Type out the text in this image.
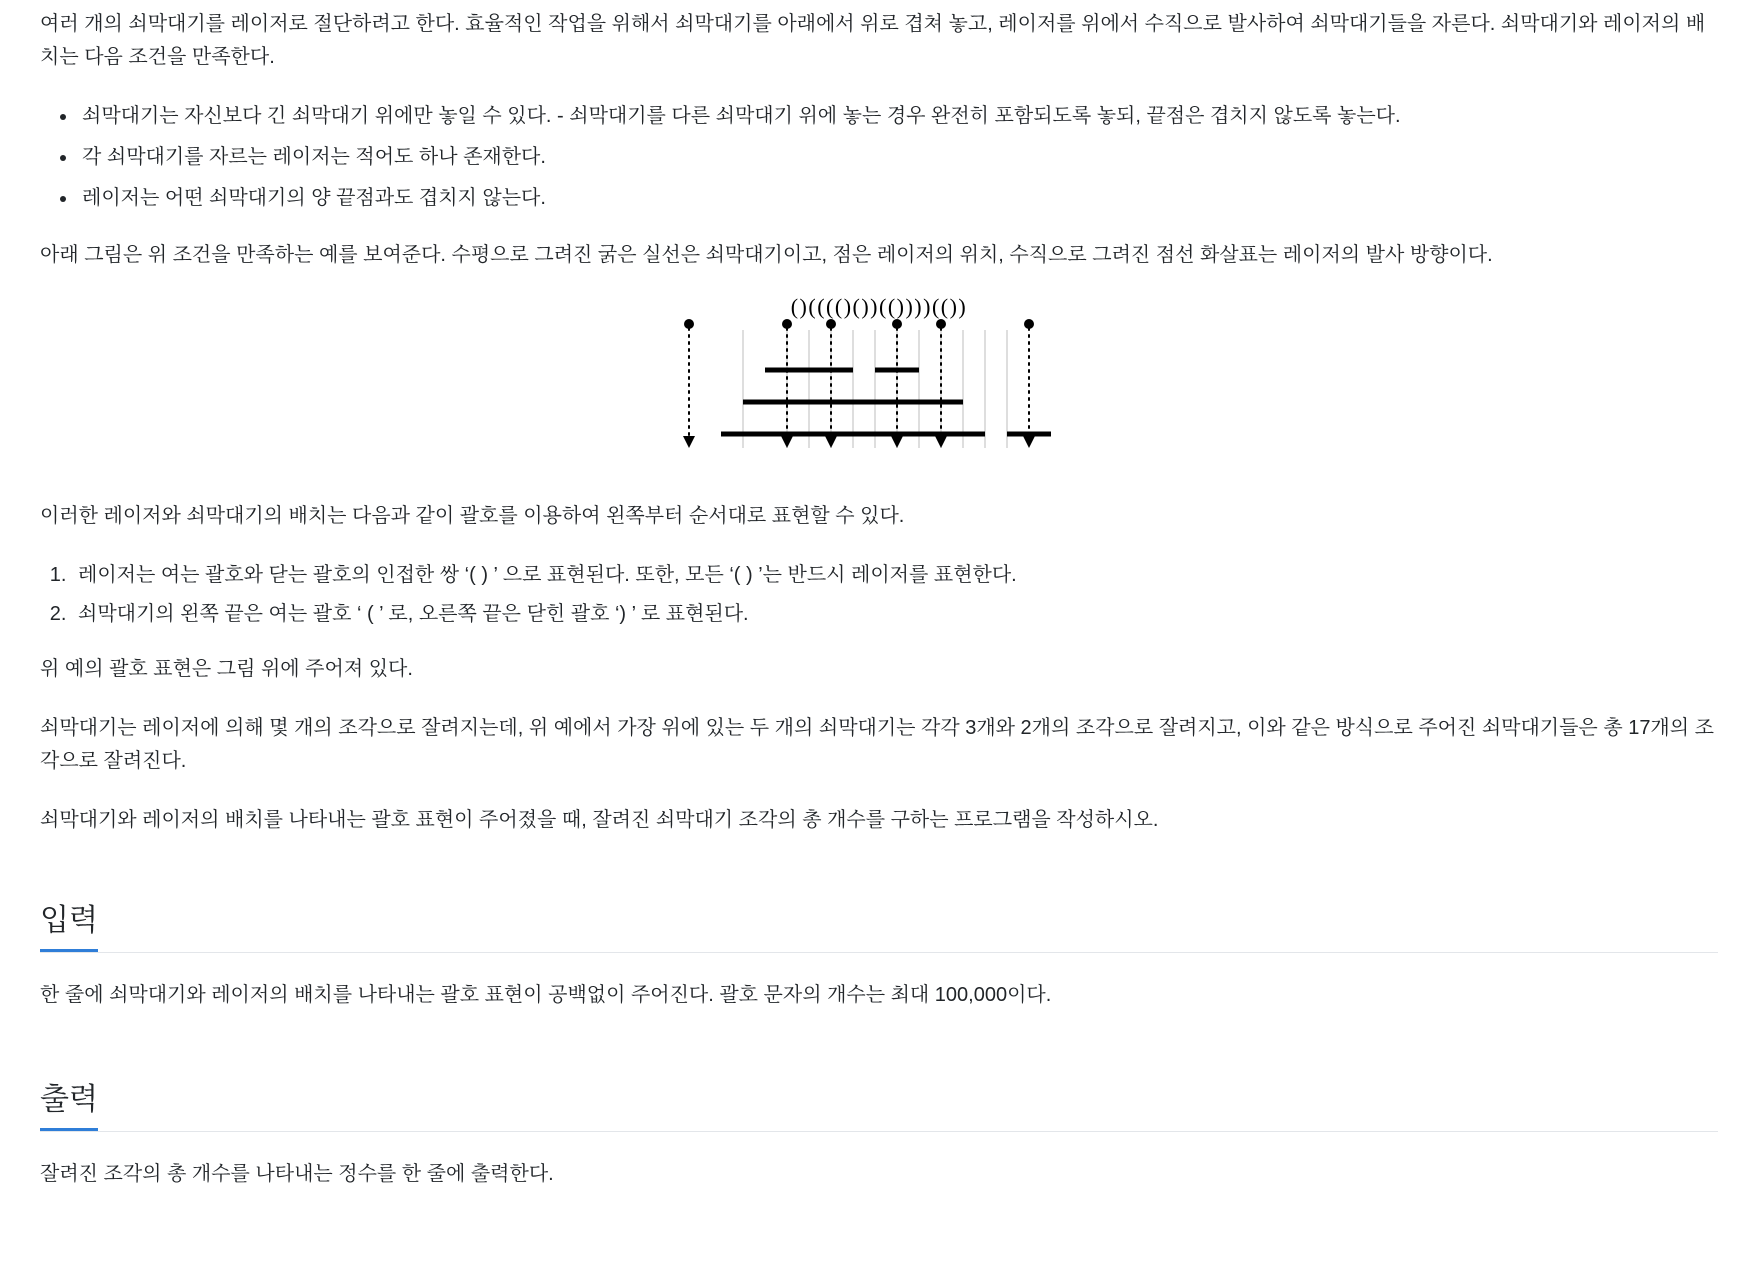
여러 개의 쇠막대기를 레이저로 절단하려고 한다. 효율적인 작업을 위해서 쇠막대기를 아래에서 위로 겹쳐 놓고, 레이저를 위에서 수직으로 발사하여 쇠막대기들을 자른다. 쇠막대기와 레이저의 배치는 다음 조건을 만족한다.

• 쇠막대기는 자신보다 긴 쇠막대기 위에만 놓일 수 있다. - 쇠막대기를 다른 쇠막대기 위에 놓는 경우 완전히 포함되도록 놓되, 끝점은 겹치지 않도록 놓는다.
• 각 쇠막대기를 자르는 레이저는 적어도 하나 존재한다.
• 레이저는 어떤 쇠막대기의 양 끝점과도 겹치지 않는다.

아래 그림은 위 조건을 만족하는 예를 보여준다. 수평으로 그려진 굵은 실선은 쇠막대기이고, 점은 레이저의 위치, 수직으로 그려진 점선 화살표는 레이저의 발사 방향이다.

()(((()())(())))(())

이러한 레이저와 쇠막대기의 배치는 다음과 같이 괄호를 이용하여 왼쪽부터 순서대로 표현할 수 있다.

1. 레이저는 여는 괄호와 닫는 괄호의 인접한 쌍 ‘( ) ’ 으로 표현된다. 또한, 모든 ‘( ) ’는 반드시 레이저를 표현한다.
2. 쇠막대기의 왼쪽 끝은 여는 괄호 ‘ ( ’ 로, 오른쪽 끝은 닫힌 괄호 ‘) ’ 로 표현된다.

위 예의 괄호 표현은 그림 위에 주어져 있다.

쇠막대기는 레이저에 의해 몇 개의 조각으로 잘려지는데, 위 예에서 가장 위에 있는 두 개의 쇠막대기는 각각 3개와 2개의 조각으로 잘려지고, 이와 같은 방식으로 주어진 쇠막대기들은 총 17개의 조각으로 잘려진다.

쇠막대기와 레이저의 배치를 나타내는 괄호 표현이 주어졌을 때, 잘려진 쇠막대기 조각의 총 개수를 구하는 프로그램을 작성하시오.

입력

한 줄에 쇠막대기와 레이저의 배치를 나타내는 괄호 표현이 공백없이 주어진다. 괄호 문자의 개수는 최대 100,000이다.

출력

잘려진 조각의 총 개수를 나타내는 정수를 한 줄에 출력한다.
